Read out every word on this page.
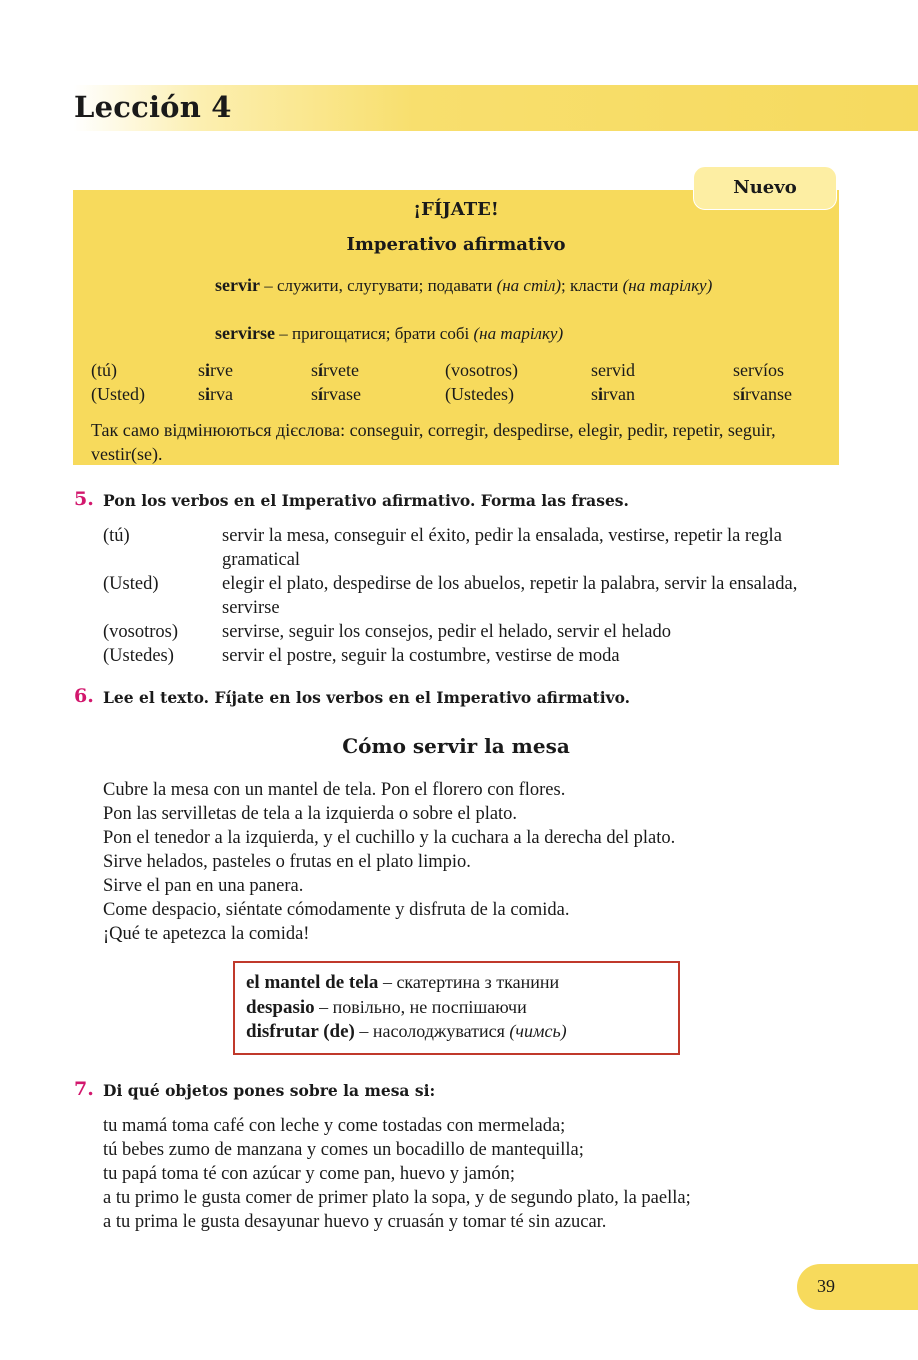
Lección 4
Nuevo
¡FÍJATE!
Imperativo afirmativo
servir – служити, слугувати; подавати (на стіл); класти (на тарілку)
servirse – пригощатися; брати собі (на тарілку)
(tú)	sirve	sírvete	(vosotros)	servid	servíos
(Usted)	sirva	sírvase	(Ustedes)	sirvan	sírvanse
Так само відмінюються дієслова: conseguir, corregir, despedirse, elegir, pedir, repetir, seguir, vestir(se).
5. Pon los verbos en el Imperativo afirmativo. Forma las frases.
(tú)	servir la mesa, conseguir el éxito, pedir la ensalada, vestirse, repetir la regla gramatical
(Usted)	elegir el plato, despedirse de los abuelos, repetir la palabra, servir la ensalada, servirse
(vosotros) servirse, seguir los consejos, pedir el helado, servir el helado
(Ustedes)	servir el postre, seguir la costumbre, vestirse de moda
6. Lee el texto. Fíjate en los verbos en el Imperativo afirmativo.
Cómo servir la mesa
Cubre la mesa con un mantel de tela. Pon el florero con flores.
Pon las servilletas de tela a la izquierda o sobre el plato.
Pon el tenedor a la izquierda, y el cuchillo y la cuchara a la derecha del plato.
Sirve helados, pasteles o frutas en el plato limpio.
Sirve el pan en una panera.
Come despacio, siéntate cómodamente y disfruta de la comida.
¡Qué te apetezca la comida!
el mantel de tela – скатертина з тканини
despasio – повільно, не поспішаючи
disfrutar (de) – насолоджуватися (чимсь)
7. Di qué objetos pones sobre la mesa si:
tu mamá toma café con leche y come tostadas con mermelada;
tú bebes zumo de manzana y comes un bocadillo de mantequilla;
tu papá toma té con azúcar y come pan, huevo y jamón;
a tu primo le gusta comer de primer plato la sopa, y de segundo plato, la paella;
a tu prima le gusta desayunar huevo y cruasán y tomar té sin azucar.
39
